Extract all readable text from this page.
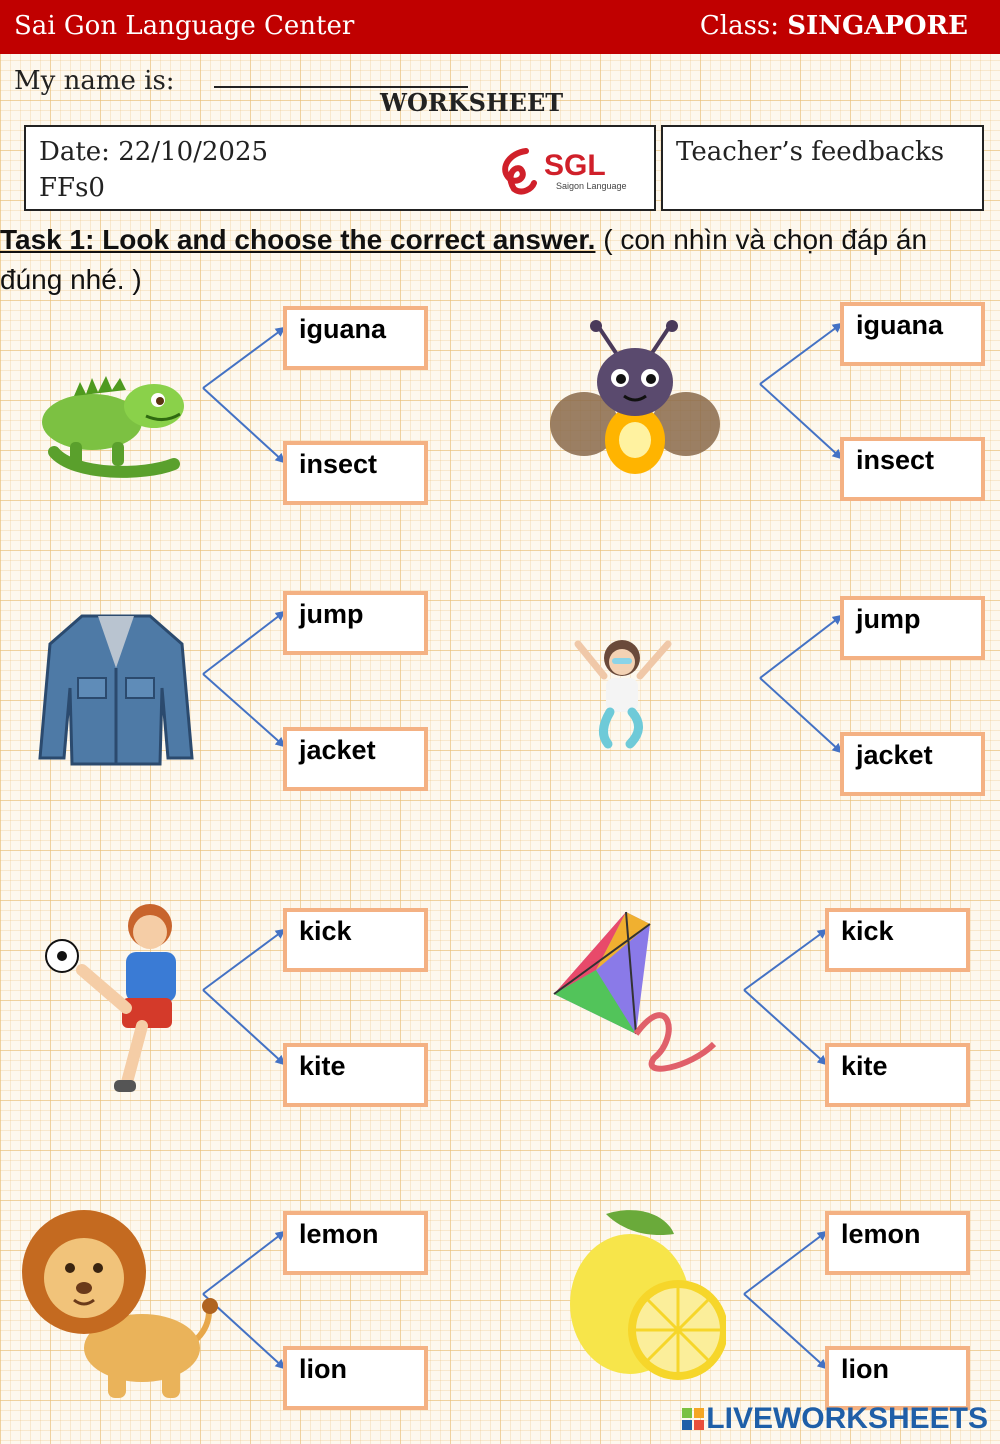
Sai Gon Language Center	Class: SINGAPORE
My name is:
WORKSHEET
Date: 22/10/2025
FFs0
SGL
Saigon Language
Teacher’s feedbacks
Task 1: Look and choose the correct answer. ( con nhìn và chọn đáp án đúng nhé. )
iguana
insect
iguana
insect
jump
jacket
jump
jacket
kick
kite
kick
kite
lemon
lion
lemon
lion
LIVEWORKSHEETS
